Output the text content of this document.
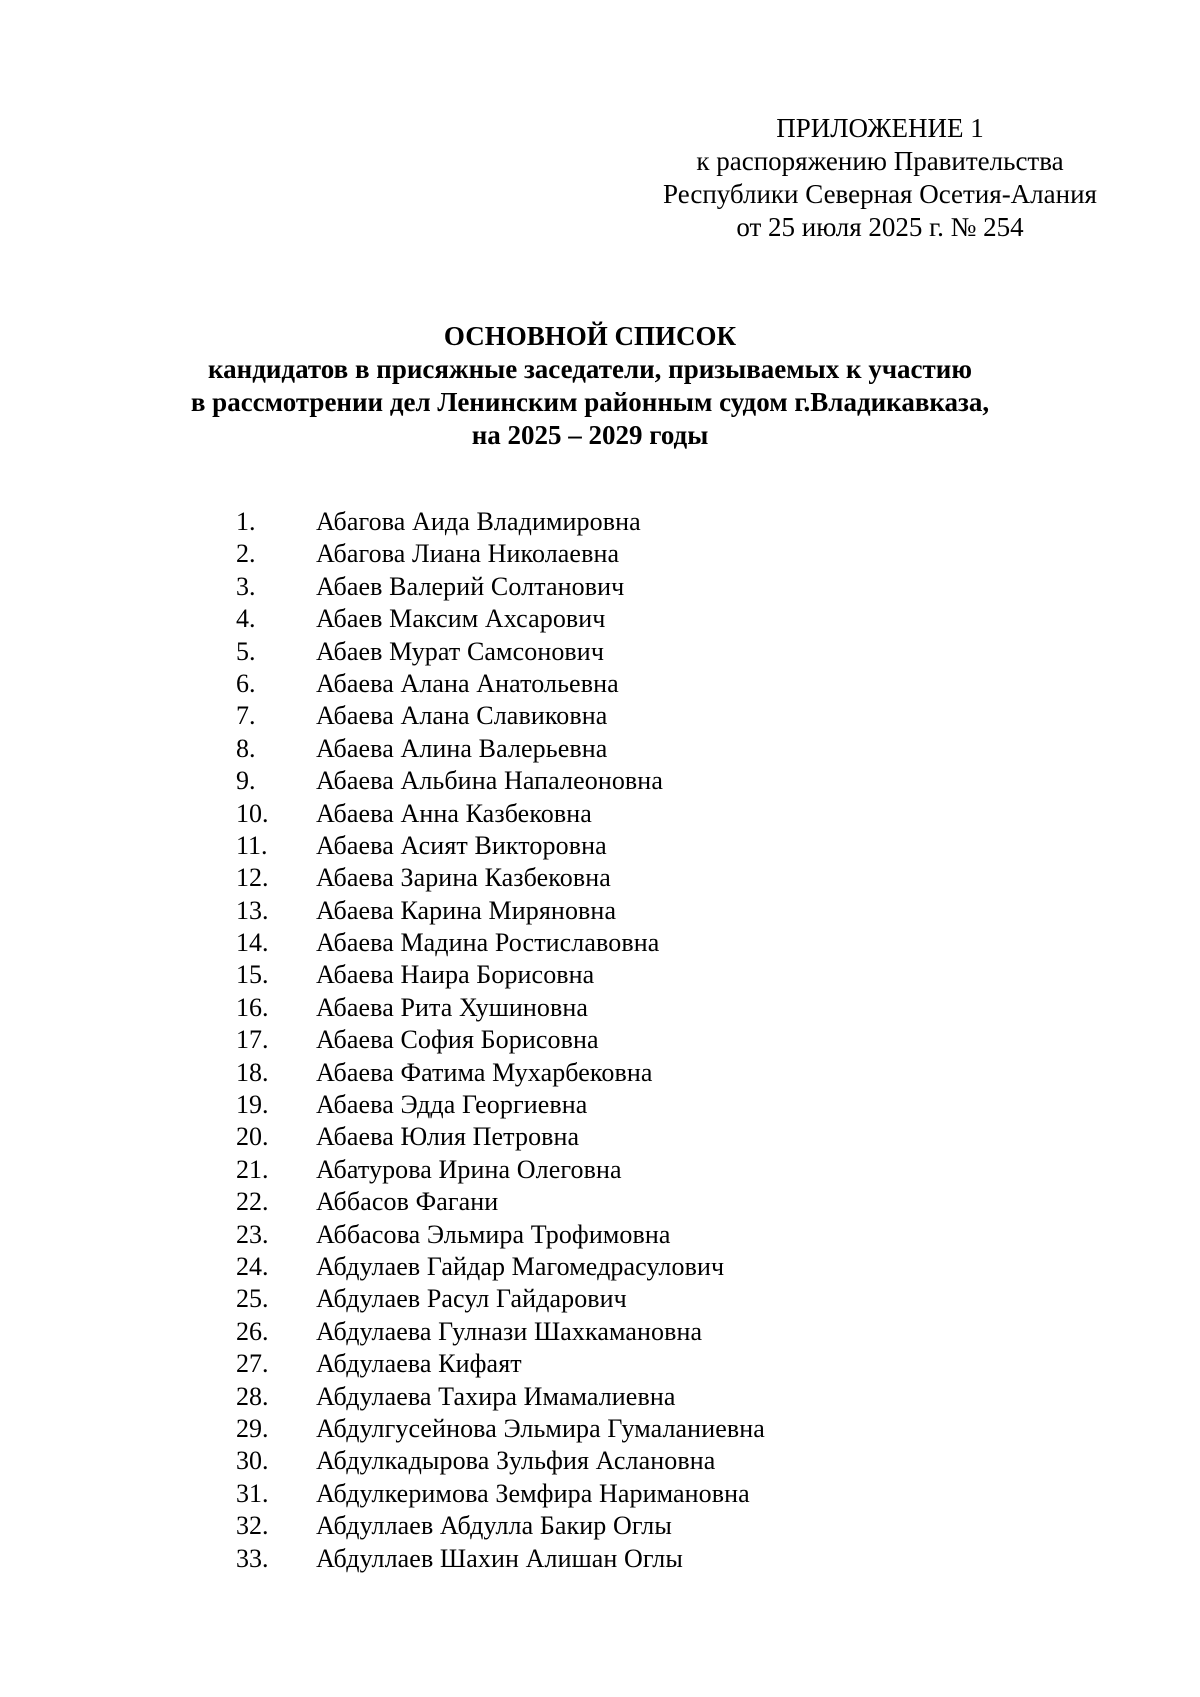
ПРИЛОЖЕНИЕ 1
к распоряжению Правительства
Республики Северная Осетия-Алания
от 25 июля 2025 г. № 254
ОСНОВНОЙ СПИСОК
кандидатов в присяжные заседатели, призываемых к участию
в рассмотрении дел Ленинским районным судом г.Владикавказа,
на 2025 – 2029 годы
1.	Абагова Аида Владимировна
2.	Абагова Лиана Николаевна
3.	Абаев Валерий Солтанович
4.	Абаев Максим Ахсарович
5.	Абаев Мурат Самсонович
6.	Абаева Алана Анатольевна
7.	Абаева Алана Славиковна
8.	Абаева Алина Валерьевна
9.	Абаева Альбина Напалеоновна
10.	Абаева Анна Казбековна
11.	Абаева Асият Викторовна
12.	Абаева Зарина Казбековна
13.	Абаева Карина Миряновна
14.	Абаева Мадина Ростиславовна
15.	Абаева Наира Борисовна
16.	Абаева Рита Хушиновна
17.	Абаева София Борисовна
18.	Абаева Фатима Мухарбековна
19.	Абаева Эдда Георгиевна
20.	Абаева Юлия Петровна
21.	Абатурова Ирина Олеговна
22.	Аббасов Фагани
23.	Аббасова Эльмира Трофимовна
24.	Абдулаев Гайдар Магомедрасулович
25.	Абдулаев Расул Гайдарович
26.	Абдулаева Гулнази Шахкамановна
27.	Абдулаева Кифаят
28.	Абдулаева Тахира Имамалиевна
29.	Абдулгусейнова Эльмира Гумаланиевна
30.	Абдулкадырова Зульфия Аслановна
31.	Абдулкеримова Земфира Наримановна
32.	Абдуллаев Абдулла Бакир Оглы
33.	Абдуллаев Шахин Алишан Оглы
